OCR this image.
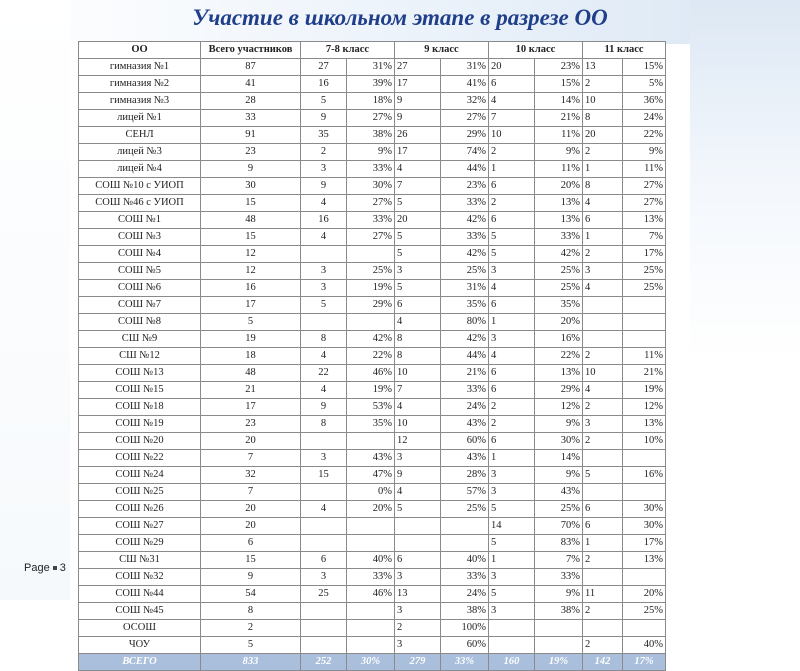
Участие в школьном этапе в разрезе ОО
ОО	Всего участников	7-8 класс		9 класс		10 класс		11 класс	
гимназия №1	87	27	31%	27	31%	20	23%	13	15%
гимназия №2	41	16	39%	17	41%	6	15%	2	5%
гимназия №3	28	5	18%	9	32%	4	14%	10	36%
лицей №1	33	9	27%	9	27%	7	21%	8	24%
СЕНЛ	91	35	38%	26	29%	10	11%	20	22%
лицей №3	23	2	9%	17	74%	2	9%	2	9%
лицей №4	9	3	33%	4	44%	1	11%	1	11%
СОШ №10 с УИОП	30	9	30%	7	23%	6	20%	8	27%
СОШ №46 с УИОП	15	4	27%	5	33%	2	13%	4	27%
СОШ №1	48	16	33%	20	42%	6	13%	6	13%
СОШ №3	15	4	27%	5	33%	5	33%	1	7%
СОШ №4	12			5	42%	5	42%	2	17%
СОШ №5	12	3	25%	3	25%	3	25%	3	25%
СОШ №6	16	3	19%	5	31%	4	25%	4	25%
СОШ №7	17	5	29%	6	35%	6	35%		
СОШ №8	5			4	80%	1	20%		
СШ №9	19	8	42%	8	42%	3	16%		
СШ №12	18	4	22%	8	44%	4	22%	2	11%
СОШ №13	48	22	46%	10	21%	6	13%	10	21%
СОШ №15	21	4	19%	7	33%	6	29%	4	19%
СОШ №18	17	9	53%	4	24%	2	12%	2	12%
СОШ №19	23	8	35%	10	43%	2	9%	3	13%
СОШ №20	20			12	60%	6	30%	2	10%
СОШ №22	7	3	43%	3	43%	1	14%		
СОШ №24	32	15	47%	9	28%	3	9%	5	16%
СОШ №25	7		0%	4	57%	3	43%		
СОШ №26	20	4	20%	5	25%	5	25%	6	30%
СОШ №27	20					14	70%	6	30%
СОШ №29	6					5	83%	1	17%
СШ №31	15	6	40%	6	40%	1	7%	2	13%
СОШ №32	9	3	33%	3	33%	3	33%		
СОШ №44	54	25	46%	13	24%	5	9%	11	20%
СОШ №45	8			3	38%	3	38%	2	25%
ОСОШ	2			2	100%				
ЧОУ	5			3	60%			2	40%
ВСЕГО	833	252	30%	279	33%	160	19%	142	17%
Page 3
